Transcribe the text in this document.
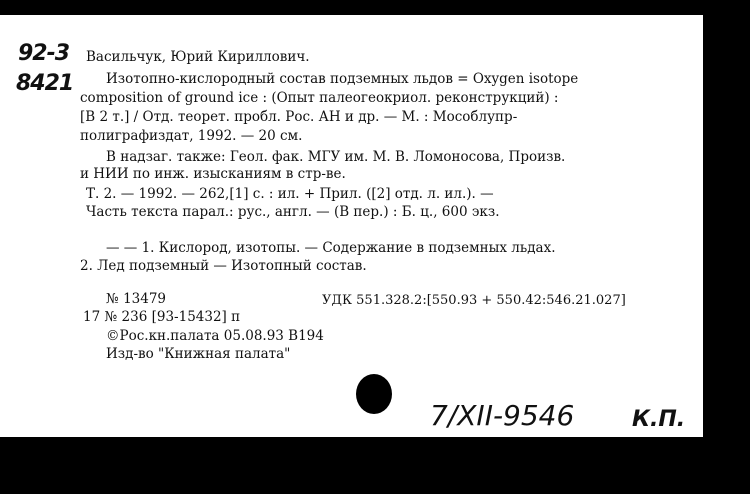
92-3
8421
Васильчук, Юрий Кириллович.
Изотопно-кислородный состав подземных льдов = Oxygen isotope
composition of ground ice : (Опыт палеогеокриол. реконструкций) :
[В 2 т.] / Отд. теорет. пробл. Рос. АН и др. — М. : Мособлупр-
полиграфиздат, 1992. — 20 см.
В надзаг. также: Геол. фак. МГУ им. М. В. Ломоносова, Произв.
и НИИ по инж. изысканиям в стр-ве.
Т. 2. — 1992. — 262,[1] с. : ил. + Прил. ([2] отд. л. ил.). —
Часть текста парал.: рус., англ. — (В пер.) : Б. ц., 600 экз.
— — 1. Кислород, изотопы. — Содержание в подземных льдах.
2. Лед подземный — Изотопный состав.
№ 13479	УДК 551.328.2:[550.93 + 550.42:546.21.027]
17 № 236 [93-15432] п
©Рос.кн.палата 05.08.93 В194
Изд-во "Книжная палата"
7/XII-9546	К.П.
